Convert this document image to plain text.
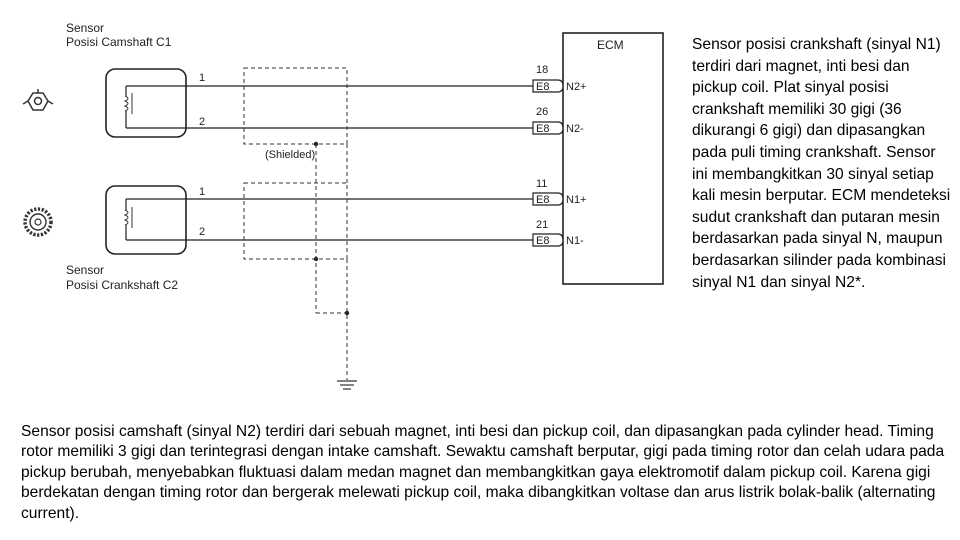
Sensor
Posisi Camshaft C1
Sensor
Posisi Crankshaft C2
1
2
1
2
(Shielded)
ECM
18
E8 N2+
26
E8 N2-
11
E8 N1+
21
E8 N1-
Sensor posisi crankshaft (sinyal N1) terdiri dari magnet, inti besi dan pickup coil. Plat sinyal posisi crankshaft memiliki 30 gigi (36 dikurangi 6 gigi) dan dipasangkan pada puli timing crankshaft. Sensor ini membangkitkan 30 sinyal setiap kali mesin berputar. ECM mendeteksi sudut crankshaft dan putaran mesin berdasarkan pada sinyal N, maupun berdasarkan silinder pada kombinasi sinyal N1 dan sinyal N2*.
Sensor posisi camshaft (sinyal N2) terdiri dari sebuah magnet, inti besi dan pickup coil, dan dipasangkan pada cylinder head. Timing rotor memiliki 3 gigi dan terintegrasi dengan intake camshaft. Sewaktu camshaft berputar, gigi pada timing rotor dan celah udara pada pickup berubah, menyebabkan fluktuasi dalam medan magnet dan membangkitkan gaya elektromotif dalam pickup coil. Karena gigi berdekatan dengan timing rotor dan bergerak melewati pickup coil, maka dibangkitkan voltase dan arus listrik bolak-balik (alternating current).
